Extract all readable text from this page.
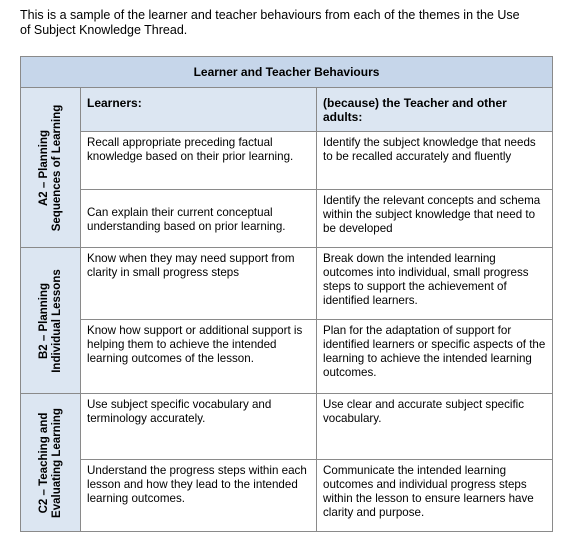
This is a sample of the learner and teacher behaviours from each of the themes in the Use
of Subject Knowledge Thread.
Learner and Teacher Behaviours		

A2 – Planning Sequences of Learning	Learners:	(because) the Teacher and other adults:
	Recall appropriate preceding factual knowledge based on their prior learning.	Identify the subject knowledge that needs to be recalled accurately and fluently
	Can explain their current conceptual understanding based on prior learning.	Identify the relevant concepts and schema within the subject knowledge that need to be developed

B2 – Planning Individual Lessons	Know when they may need support from clarity in small progress steps	Break down the intended learning outcomes into individual, small progress steps to support the achievement of identified learners.
	Know how support or additional support is helping them to achieve the intended learning outcomes of the lesson.	Plan for the adaptation of support for identified learners or specific aspects of the learning to achieve the intended learning outcomes.

C2 – Teaching and Evaluating Learning	Use subject specific vocabulary and terminology accurately.	Use clear and accurate subject specific vocabulary.
	Understand the progress steps within each lesson and how they lead to the intended learning outcomes.	Communicate the intended learning outcomes and individual progress steps within the lesson to ensure learners have clarity and purpose.
